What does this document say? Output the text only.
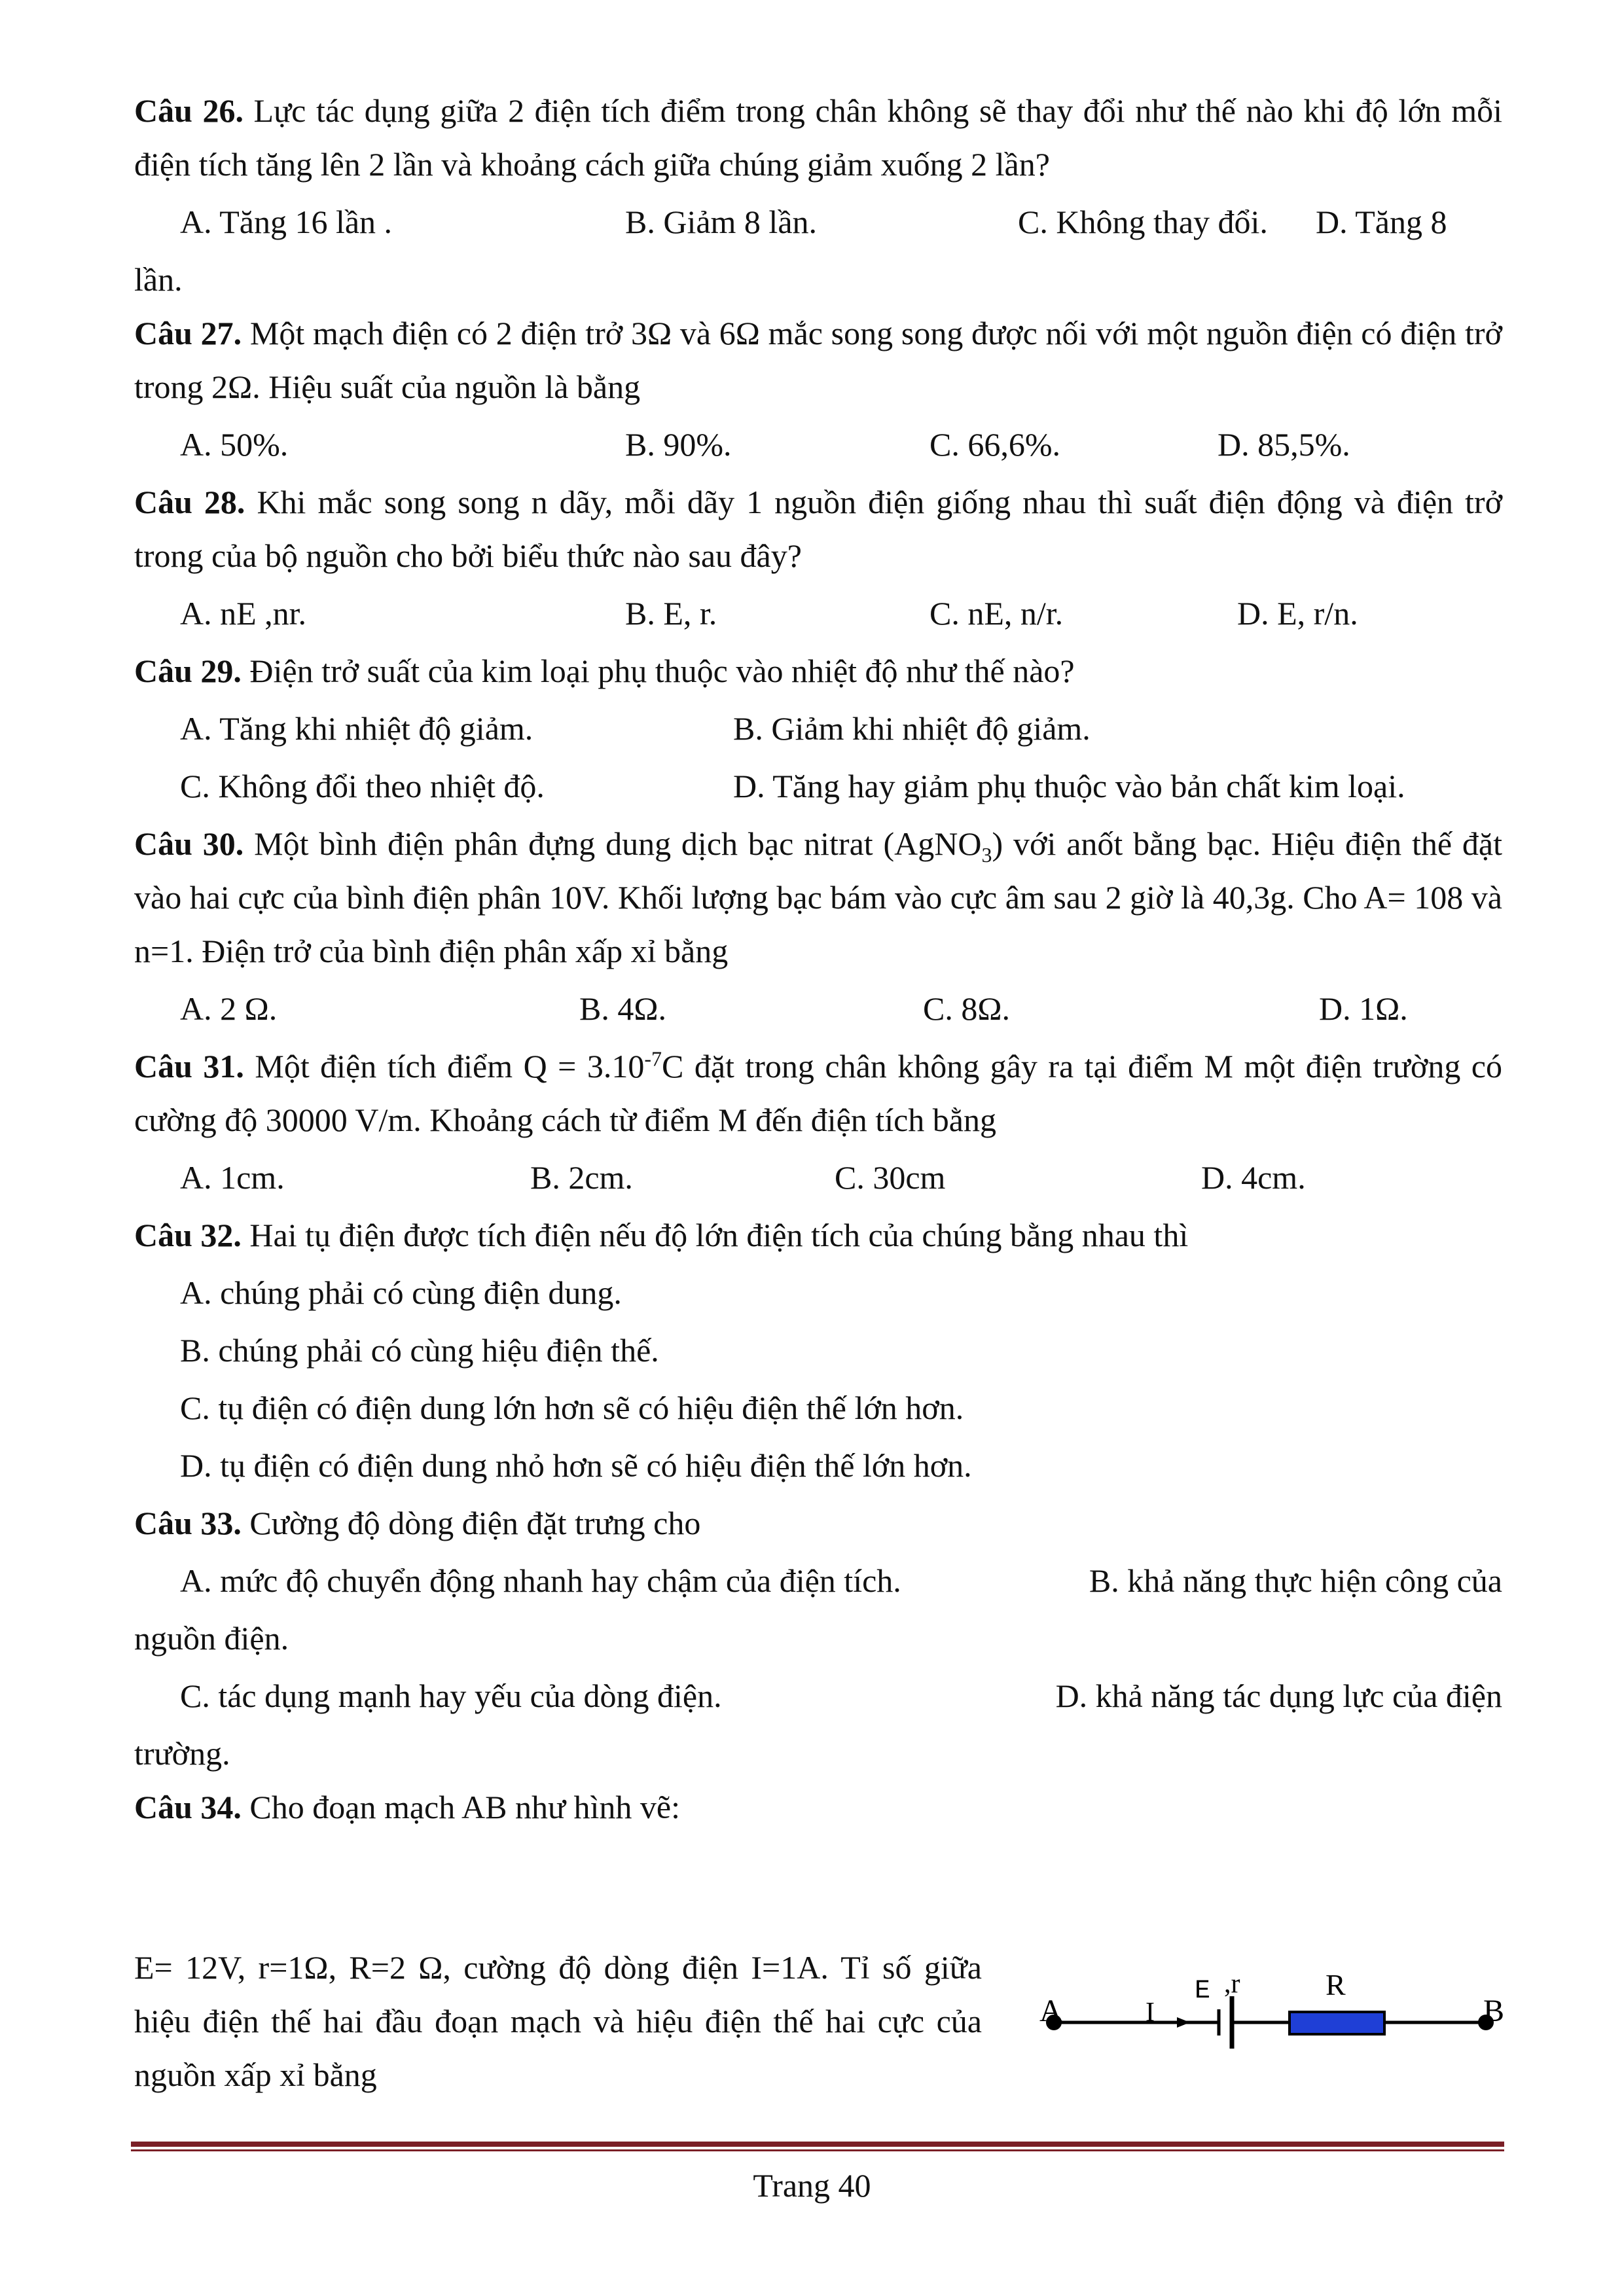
Câu 26. Lực tác dụng giữa 2 điện tích điểm trong chân không sẽ thay đổi như thế nào khi độ lớn mỗi điện tích tăng lên 2 lần và khoảng cách giữa chúng giảm xuống 2 lần?

A. Tăng 16 lần .	B. Giảm 8 lần.	C. Không thay đổi.	D. Tăng 8

lần.

Câu 27. Một mạch điện có 2 điện trở 3Ω và 6Ω mắc song song được nối với một nguồn điện có điện trở trong 2Ω. Hiệu suất của nguồn là bằng

A. 50%.	B. 90%.	C. 66,6%.	D. 85,5%.

Câu 28. Khi mắc song song n dãy, mỗi dãy 1 nguồn điện giống nhau thì suất điện động và điện trở trong của bộ nguồn cho bởi biểu thức nào sau đây?

A. nE ,nr.	B. E, r.	C. nE, n/r.	D. E, r/n.

Câu 29. Điện trở suất của kim loại phụ thuộc vào nhiệt độ như thế nào?

A. Tăng khi nhiệt độ giảm.	B. Giảm khi nhiệt độ giảm.
C. Không đổi theo nhiệt độ.	D. Tăng hay giảm phụ thuộc vào bản chất kim loại.

Câu 30. Một bình điện phân đựng dung dịch bạc nitrat (AgNO$_3$) với anốt bằng bạc. Hiệu điện thế đặt vào hai cực của bình điện phân 10V. Khối lượng bạc bám vào cực âm sau 2 giờ là 40,3g. Cho A= 108 và n=1. Điện trở của bình điện phân xấp xỉ bằng

A. 2 Ω.	B. 4Ω.	C. 8Ω.	D. 1Ω.

Câu 31. Một điện tích điểm $Q = 3.10^{-7}C$ đặt trong chân không gây ra tại điểm M một điện trường có cường độ 30000 V/m. Khoảng cách từ điểm M đến điện tích bằng

A. 1cm.	B. 2cm.	C. 30cm	D. 4cm.

Câu 32. Hai tụ điện được tích điện nếu độ lớn điện tích của chúng bằng nhau thì

A. chúng phải có cùng điện dung.

B. chúng phải có cùng hiệu điện thế.

C. tụ điện có điện dung lớn hơn sẽ có hiệu điện thế lớn hơn.

D. tụ điện có điện dung nhỏ hơn sẽ có hiệu điện thế lớn hơn.

Câu 33. Cường độ dòng điện đặt trưng cho

A. mức độ chuyển động nhanh hay chậm của điện tích.	B. khả năng thực hiện công của

nguồn điện.

C. tác dụng mạnh hay yếu của dòng điện.	D. khả năng tác dụng lực của điện

trường.

Câu 34. Cho đoạn mạch AB như hình vẽ:

E= 12V, r=1Ω, R=2 Ω, cường độ dòng điện I=1A. Tỉ số giữa hiệu điện thế hai đầu đoạn mạch và hiệu điện thế hai cực của nguồn xấp xỉ bằng

A	B
I
E ,r	R
Trang 40
